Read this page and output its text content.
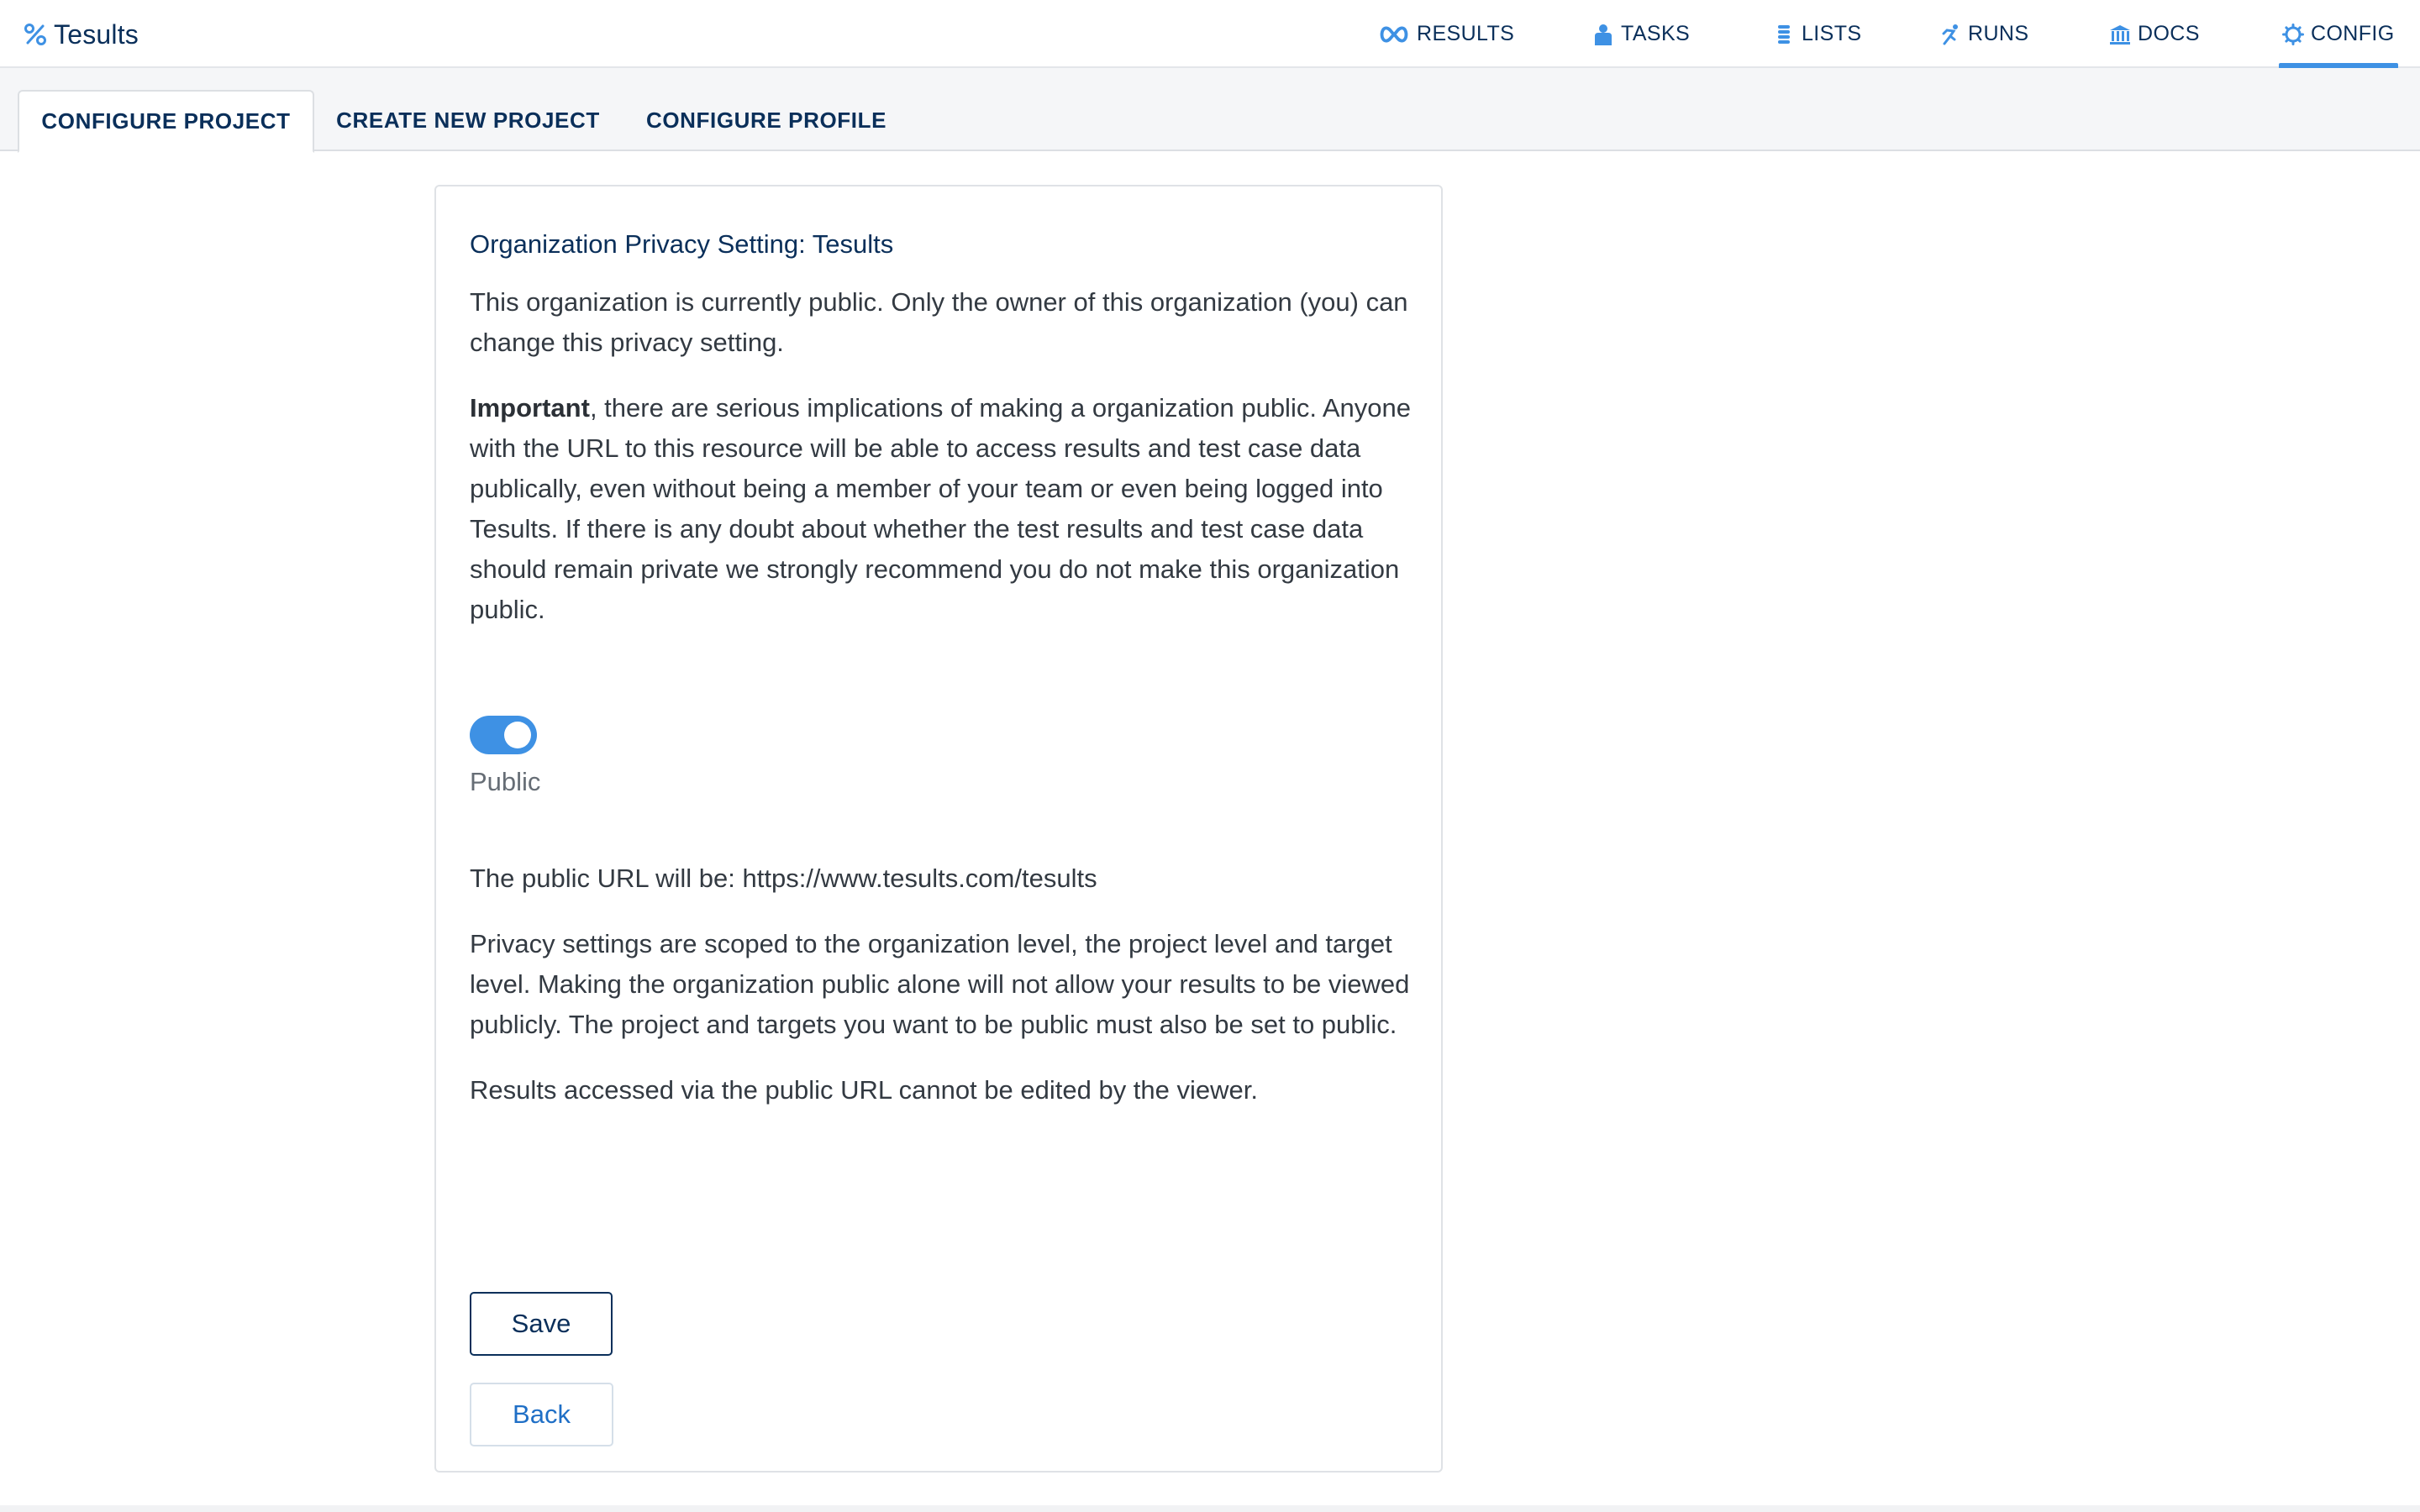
Tesults	RESULTS	TASKS	LISTS	RUNS	DOCS	CONFIG
CONFIGURE PROJECT CREATE NEW PROJECT CONFIGURE PROFILE
Organization Privacy Setting: Tesults

This organization is currently public. Only the owner of this organization (you) can change this privacy setting.

Important, there are serious implications of making a organization public. Anyone with the URL to this resource will be able to access results and test case data publically, even without being a member of your team or even being logged into Tesults. If there is any doubt about whether the test results and test case data should remain private we strongly recommend you do not make this organization public.

Public

The public URL will be: https://www.tesults.com/tesults

Privacy settings are scoped to the organization level, the project level and target level. Making the organization public alone will not allow your results to be viewed publicly. The project and targets you want to be public must also be set to public.

Results accessed via the public URL cannot be edited by the viewer.

Save
Back
